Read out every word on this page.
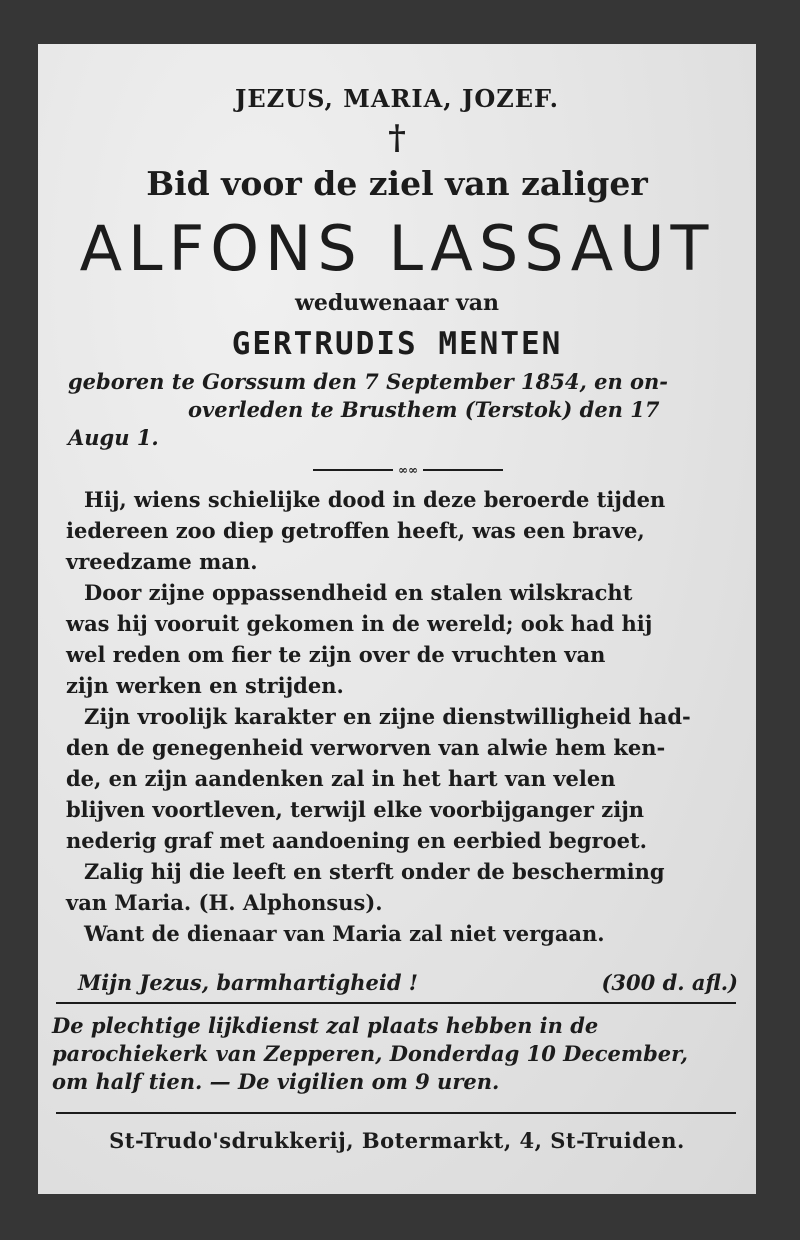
JEZUS, MARIA, JOZEF.
†
Bid voor de ziel van zaliger
ALFONS LASSAUT
weduwenaar van
GERTRUDIS MENTEN
geboren te Gorssum den 7 September 1854, en on-
overleden te Brusthem (Terstok) den 17
Augu 1.
∞∞

Hij, wiens schielijke dood in deze beroerde tijden
iedereen zoo diep getroffen heeft, was een brave,
vreedzame man.

Door zijne oppassendheid en stalen wilskracht
was hij vooruit gekomen in de wereld; ook had hij
wel reden om fier te zijn over de vruchten van
zijn werken en strijden.

Zijn vroolijk karakter en zijne dienstwilligheid had-
den de genegenheid verworven van alwie hem ken-
de, en zijn aandenken zal in het hart van velen
blijven voortleven, terwijl elke voorbijganger zijn
nederig graf met aandoening en eerbied begroet.

Zalig hij die leeft en sterft onder de bescherming
van Maria. (H. Alphonsus).

Want de dienaar van Maria zal niet vergaan.

Mijn Jezus, barmhartigheid !	(300 d. afl.)
De plechtige lijkdienst zal plaats hebben in de
parochiekerk van Zepperen, Donderdag 10 December,
om half tien. — De vigilien om 9 uren.
St-Trudo'sdrukkerij, Botermarkt, 4, St-Truiden.
